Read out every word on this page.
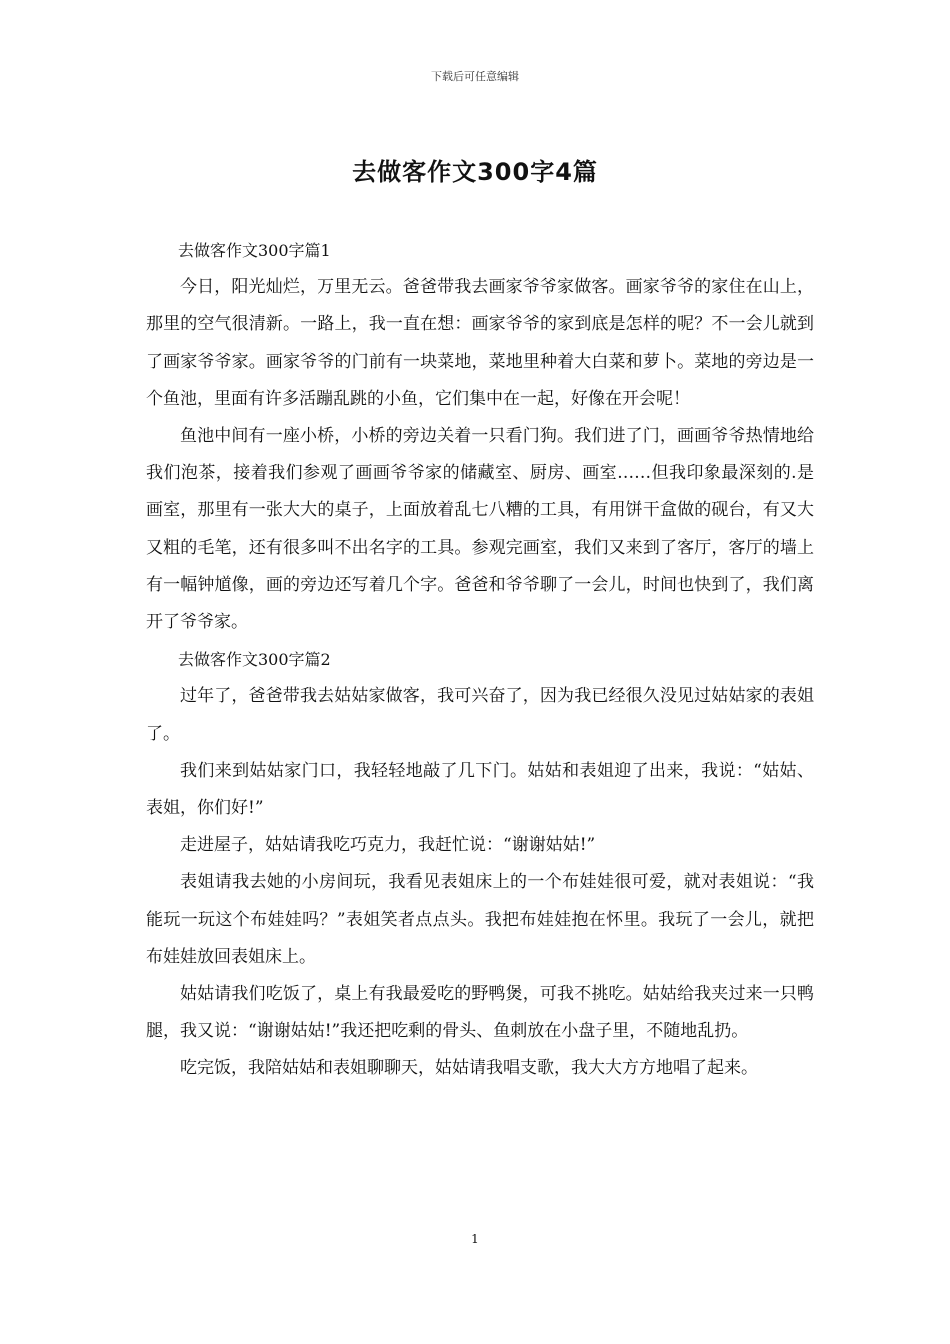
下载后可任意编辑
去做客作文300字4篇

去做客作文300字篇1

今日，阳光灿烂，万里无云。爸爸带我去画家爷爷家做客。画家爷爷的家住在山上，那里的空气很清新。一路上，我一直在想：画家爷爷的家到底是怎样的呢？不一会儿就到了画家爷爷家。画家爷爷的门前有一块菜地，菜地里种着大白菜和萝卜。菜地的旁边是一个鱼池，里面有许多活蹦乱跳的小鱼，它们集中在一起，好像在开会呢！

鱼池中间有一座小桥，小桥的旁边关着一只看门狗。我们进了门，画画爷爷热情地给我们泡茶，接着我们参观了画画爷爷家的储藏室、厨房、画室……但我印象最深刻的.是画室，那里有一张大大的桌子，上面放着乱七八糟的工具，有用饼干盒做的砚台，有又大又粗的毛笔，还有很多叫不出名字的工具。参观完画室，我们又来到了客厅，客厅的墙上有一幅钟馗像，画的旁边还写着几个字。爸爸和爷爷聊了一会儿，时间也快到了，我们离开了爷爷家。

去做客作文300字篇2

过年了，爸爸带我去姑姑家做客，我可兴奋了，因为我已经很久没见过姑姑家的表姐了。

我们来到姑姑家门口，我轻轻地敲了几下门。姑姑和表姐迎了出来，我说：“姑姑、表姐，你们好!”

走进屋子，姑姑请我吃巧克力，我赶忙说：“谢谢姑姑!”

表姐请我去她的小房间玩，我看见表姐床上的一个布娃娃很可爱，就对表姐说：“我能玩一玩这个布娃娃吗？”表姐笑者点点头。我把布娃娃抱在怀里。我玩了一会儿，就把布娃娃放回表姐床上。

姑姑请我们吃饭了，桌上有我最爱吃的野鸭煲，可我不挑吃。姑姑给我夹过来一只鸭腿，我又说：“谢谢姑姑!”我还把吃剩的骨头、鱼刺放在小盘子里，不随地乱扔。

吃完饭，我陪姑姑和表姐聊聊天，姑姑请我唱支歌，我大大方方地唱了起来。

1
